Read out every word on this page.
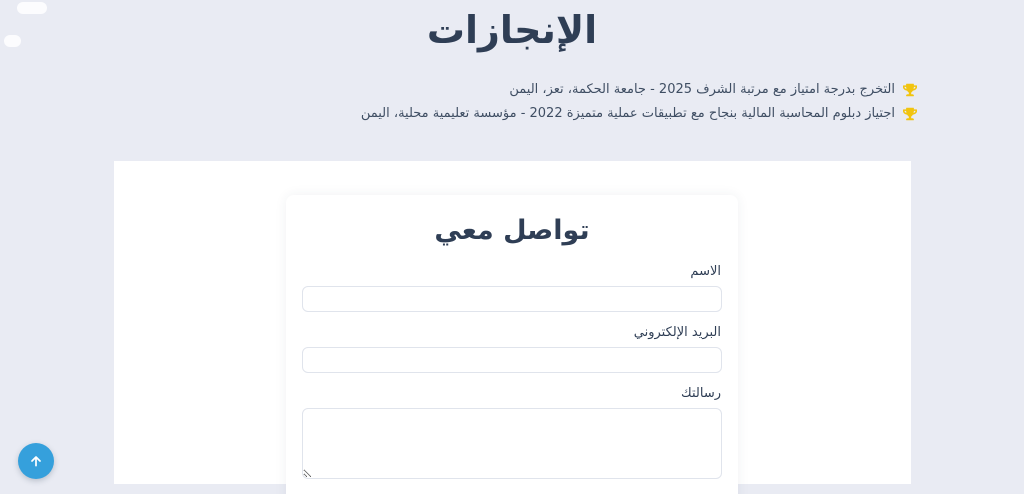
الإنجازات
التخرج بدرجة امتياز مع مرتبة الشرف 2025 - جامعة الحكمة، تعز، اليمن
اجتياز دبلوم المحاسبة المالية بنجاح مع تطبيقات عملية متميزة 2022 - مؤسسة تعليمية محلية، اليمن
تواصل معي
الاسم
البريد الإلكتروني
رسالتك
